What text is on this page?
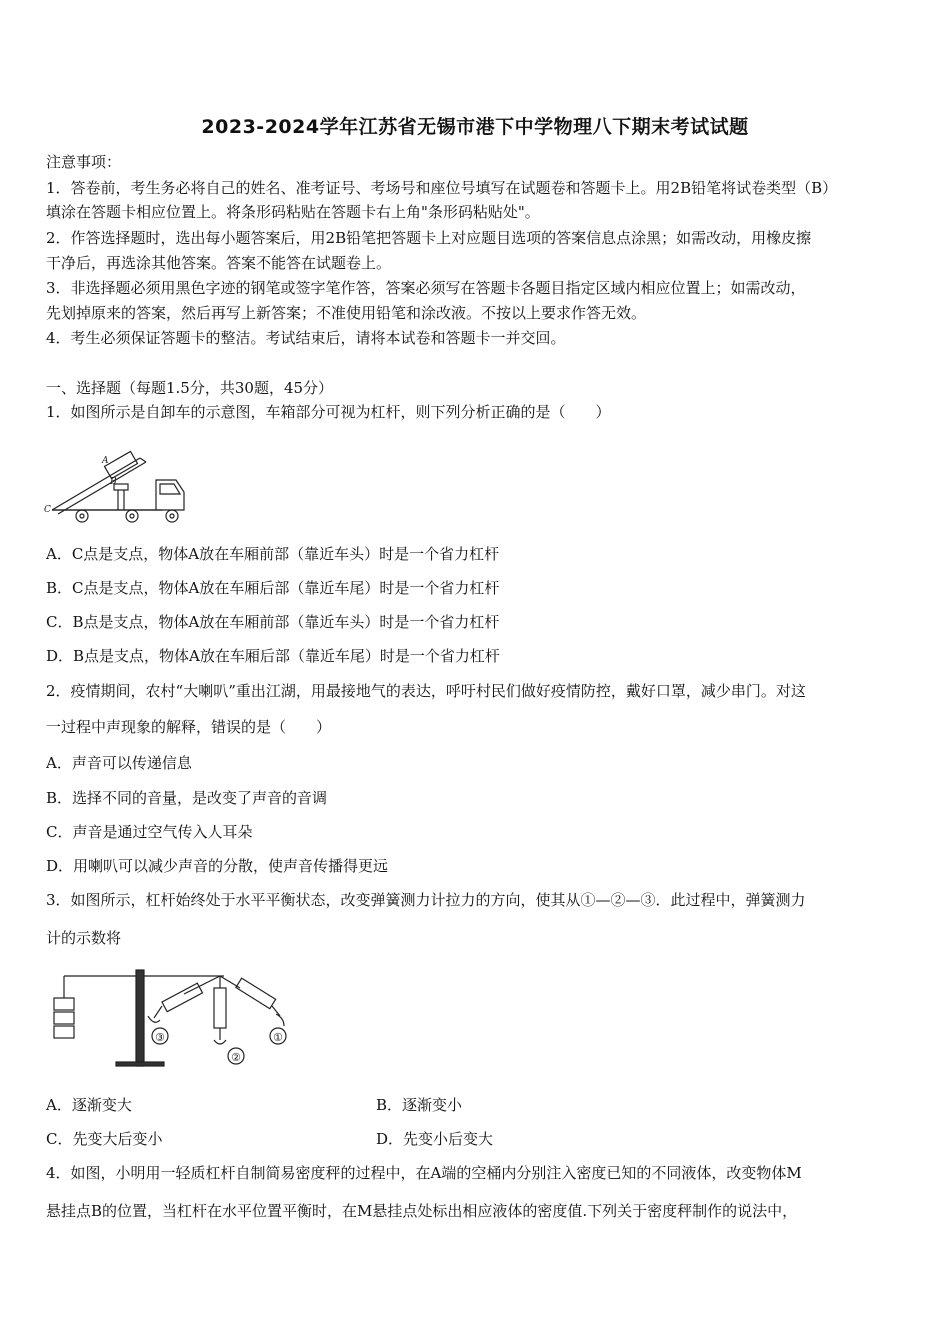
2023-2024学年江苏省无锡市港下中学物理八下期末考试试题
注意事项：
1．答卷前，考生务必将自己的姓名、准考证号、考场号和座位号填写在试题卷和答题卡上。用2B铅笔将试卷类型（B）
填涂在答题卡相应位置上。将条形码粘贴在答题卡右上角"条形码粘贴处"。
2．作答选择题时，选出每小题答案后，用2B铅笔把答题卡上对应题目选项的答案信息点涂黑；如需改动，用橡皮擦
干净后，再选涂其他答案。答案不能答在试题卷上。
3．非选择题必须用黑色字迹的钢笔或签字笔作答，答案必须写在答题卡各题目指定区域内相应位置上；如需改动，
先划掉原来的答案，然后再写上新答案；不准使用铅笔和涂改液。不按以上要求作答无效。
4．考生必须保证答题卡的整洁。考试结束后，请将本试卷和答题卡一并交回。
一、选择题（每题1.5分，共30题，45分）
1．如图所示是自卸车的示意图，车箱部分可视为杠杆，则下列分析正确的是（　　）
A
B
C
A．C点是支点，物体A放在车厢前部（靠近车头）时是一个省力杠杆
B．C点是支点，物体A放在车厢后部（靠近车尾）时是一个省力杠杆
C．B点是支点，物体A放在车厢前部（靠近车头）时是一个省力杠杆
D．B点是支点，物体A放在车厢后部（靠近车尾）时是一个省力杠杆
2．疫情期间，农村“大喇叭”重出江湖，用最接地气的表达，呼吁村民们做好疫情防控，戴好口罩，减少串门。对这
一过程中声现象的解释，错误的是（　　）
A．声音可以传递信息
B．选择不同的音量，是改变了声音的音调
C．声音是通过空气传入人耳朵
D．用喇叭可以减少声音的分散，使声音传播得更远
3．如图所示，杠杆始终处于水平平衡状态，改变弹簧测力计拉力的方向，使其从①—②—③．此过程中，弹簧测力
计的示数将
③
②
①
A．逐渐变大	B．逐渐变小
C．先变大后变小	D．先变小后变大
4．如图，小明用一轻质杠杆自制简易密度秤的过程中，在A端的空桶内分别注入密度已知的不同液体，改变物体M
悬挂点B的位置，当杠杆在水平位置平衡时，在M悬挂点处标出相应液体的密度值.下列关于密度秤制作的说法中，
